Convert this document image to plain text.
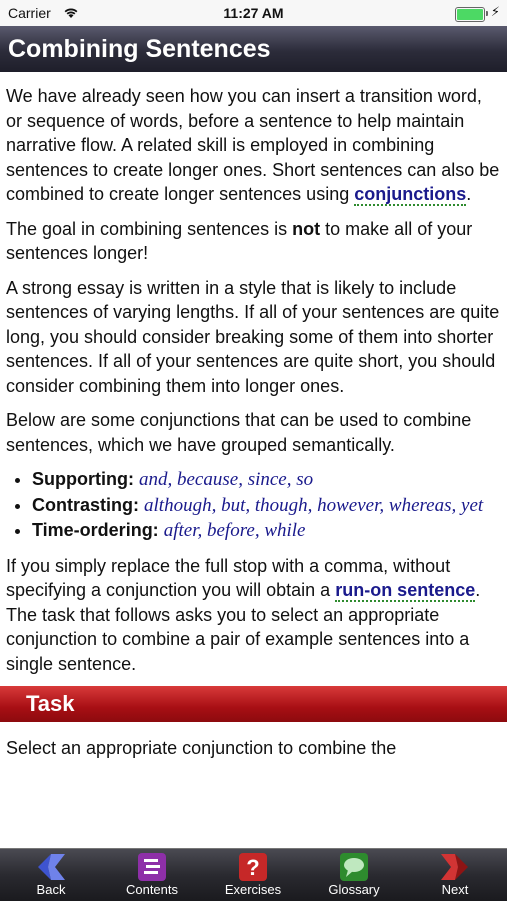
Carrier	11:27 AM	⚡
Combining Sentences

We have already seen how you can insert a transition word, or sequence of words, before a sentence to help maintain narrative flow. A related skill is employed in combining sentences to create longer ones. Short sentences can also be combined to create longer sentences using conjunctions.

The goal in combining sentences is not to make all of your sentences longer!

A strong essay is written in a style that is likely to include sentences of varying lengths. If all of your sentences are quite long, you should consider breaking some of them into shorter sentences. If all of your sentences are quite short, you should consider combining them into longer ones.

Below are some conjunctions that can be used to combine sentences, which we have grouped semantically.

• Supporting: and, because, since, so
• Contrasting: although, but, though, however, whereas, yet
• Time-ordering: after, before, while

If you simply replace the full stop with a comma, without specifying a conjunction you will obtain a run-on sentence. The task that follows asks you to select an appropriate conjunction to combine a pair of example sentences into a single sentence.

Task
Select an appropriate conjunction to combine the
Back	Contents
?
Exercises	Glossary	Next
